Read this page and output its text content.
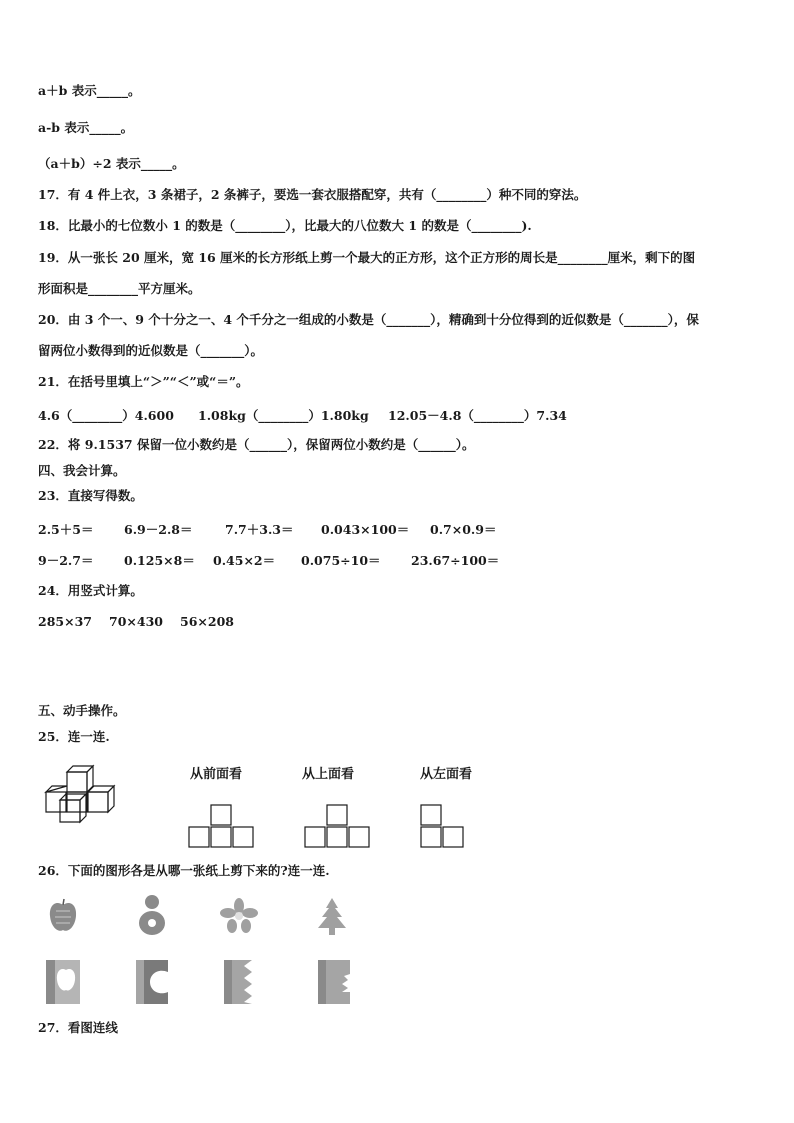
a＋b 表示_____。
a-b 表示_____。
（a＋b）÷2 表示_____。
17．有 4 件上衣，3 条裙子，2 条裤子，要选一套衣服搭配穿，共有（________）种不同的穿法。
18．比最小的七位数小 1 的数是（________），比最大的八位数大 1 的数是（________).
19．从一张长 20 厘米，宽 16 厘米的长方形纸上剪一个最大的正方形，这个正方形的周长是________厘米，剩下的图
形面积是________平方厘米。
20．由 3 个一、9 个十分之一、4 个千分之一组成的小数是（_______），精确到十分位得到的近似数是（_______），保
留两位小数得到的近似数是（_______）。
21．在括号里填上“＞”“＜”或“＝”。
4.6（________）4.600 1.08kg（________）1.80kg 12.05－4.8（________）7.34
22．将 9.1537 保留一位小数约是（______），保留两位小数约是（______）。
四、我会计算。
23．直接写得数。
2.5＋5＝ 6.9－2.8＝	7.7＋3.3＝ 0.043×100＝ 0.7×0.9＝
9－2.7＝ 0.125×8＝ 0.45×2＝ 0.075÷10＝ 23.67÷100＝
24．用竖式计算。
285×37 70×430 56×208
五、动手操作。
25．连一连.
从前面看	从上面看	从左面看
26．下面的图形各是从哪一张纸上剪下来的?连一连.
27．看图连线
